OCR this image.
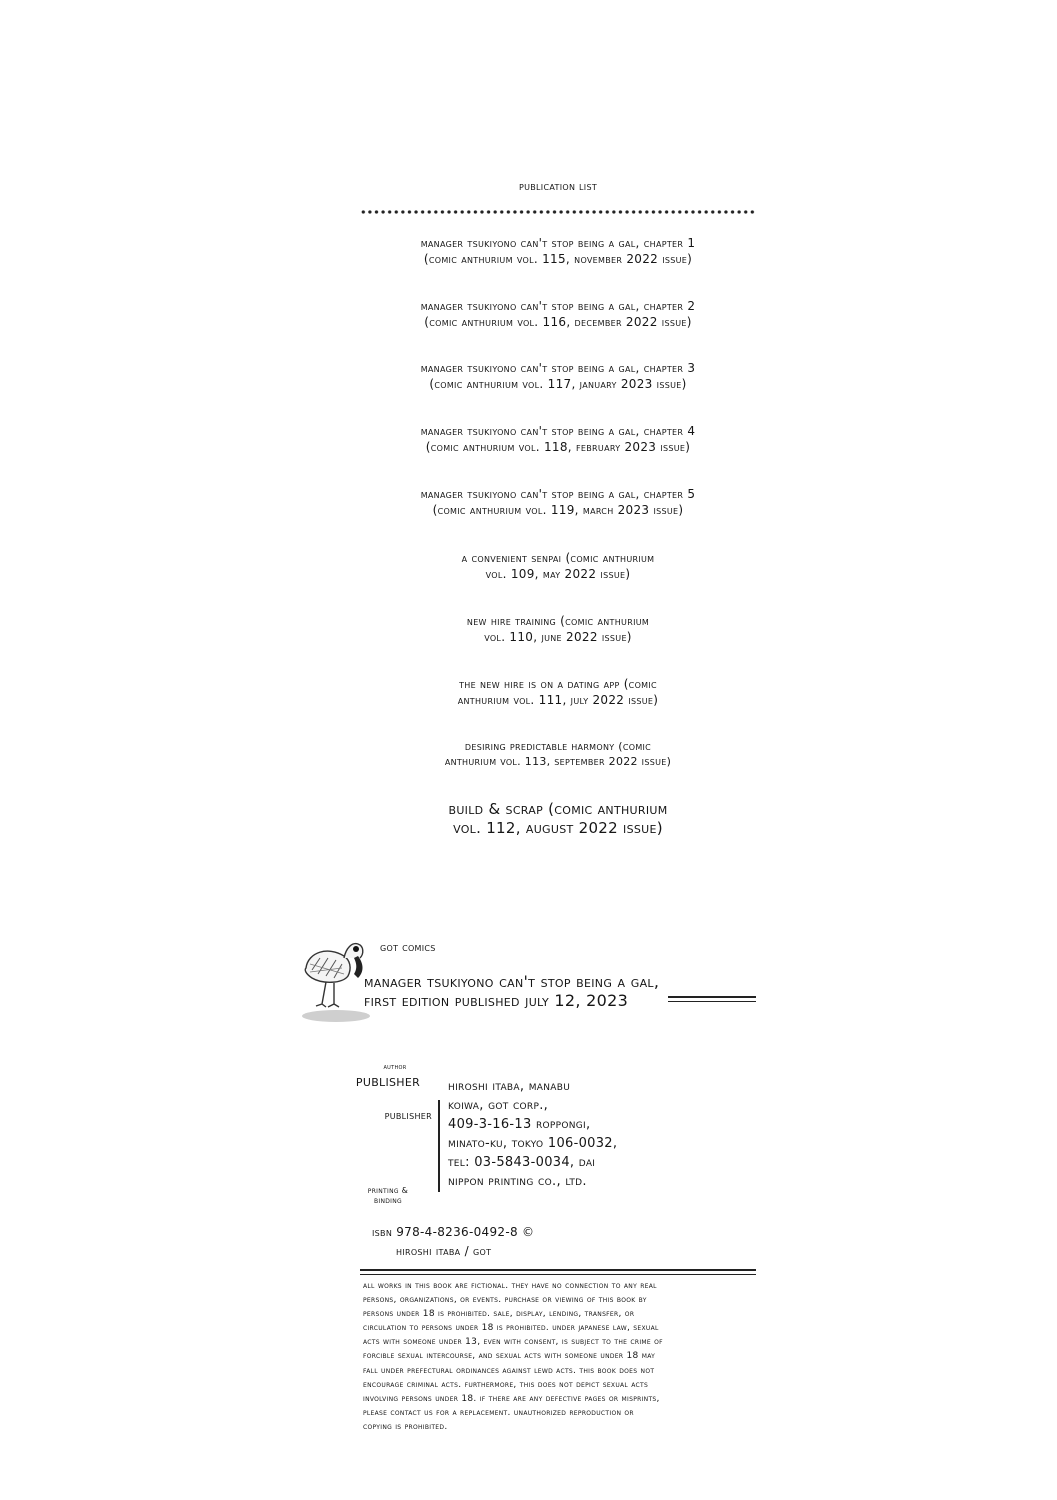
publication list
manager tsukiyono can't stop being a gal, chapter 1
(comic anthurium vol. 115, november 2022 issue)
manager tsukiyono can't stop being a gal, chapter 2
(comic anthurium vol. 116, december 2022 issue)
manager tsukiyono can't stop being a gal, chapter 3
(comic anthurium vol. 117, january 2023 issue)
manager tsukiyono can't stop being a gal, chapter 4
(comic anthurium vol. 118, february 2023 issue)
manager tsukiyono can't stop being a gal, chapter 5
(comic anthurium vol. 119, march 2023 issue)
a convenient senpai (comic anthurium
vol. 109, may 2022 issue)
new hire training (comic anthurium
vol. 110, june 2022 issue)
the new hire is on a dating app (comic
anthurium vol. 111, july 2022 issue)
desiring predictable harmony (comic
anthurium vol. 113, september 2022 issue)
build & scrap (comic anthurium
vol. 112, august 2022 issue)
got comics
manager tsukiyono can't stop being a gal,
first edition published july 12, 2023
author
publisher
publisher
printing &
binding
hiroshi itaba, manabu
koiwa, got corp.,
409-3-16-13 roppongi,
minato-ku, tokyo 106-0032,
tel: 03-5843-0034, dai
nippon printing co., ltd.
isbn 978-4-8236-0492-8 ©
hiroshi itaba / got
all works in this book are fictional. they have no connection to any real
persons, organizations, or events. purchase or viewing of this book by
persons under 18 is prohibited. sale, display, lending, transfer, or
circulation to persons under 18 is prohibited. under japanese law, sexual
acts with someone under 13, even with consent, is subject to the crime of
forcible sexual intercourse, and sexual acts with someone under 18 may
fall under prefectural ordinances against lewd acts. this book does not
encourage criminal acts. furthermore, this does not depict sexual acts
involving persons under 18. if there are any defective pages or misprints,
please contact us for a replacement. unauthorized reproduction or
copying is prohibited.
